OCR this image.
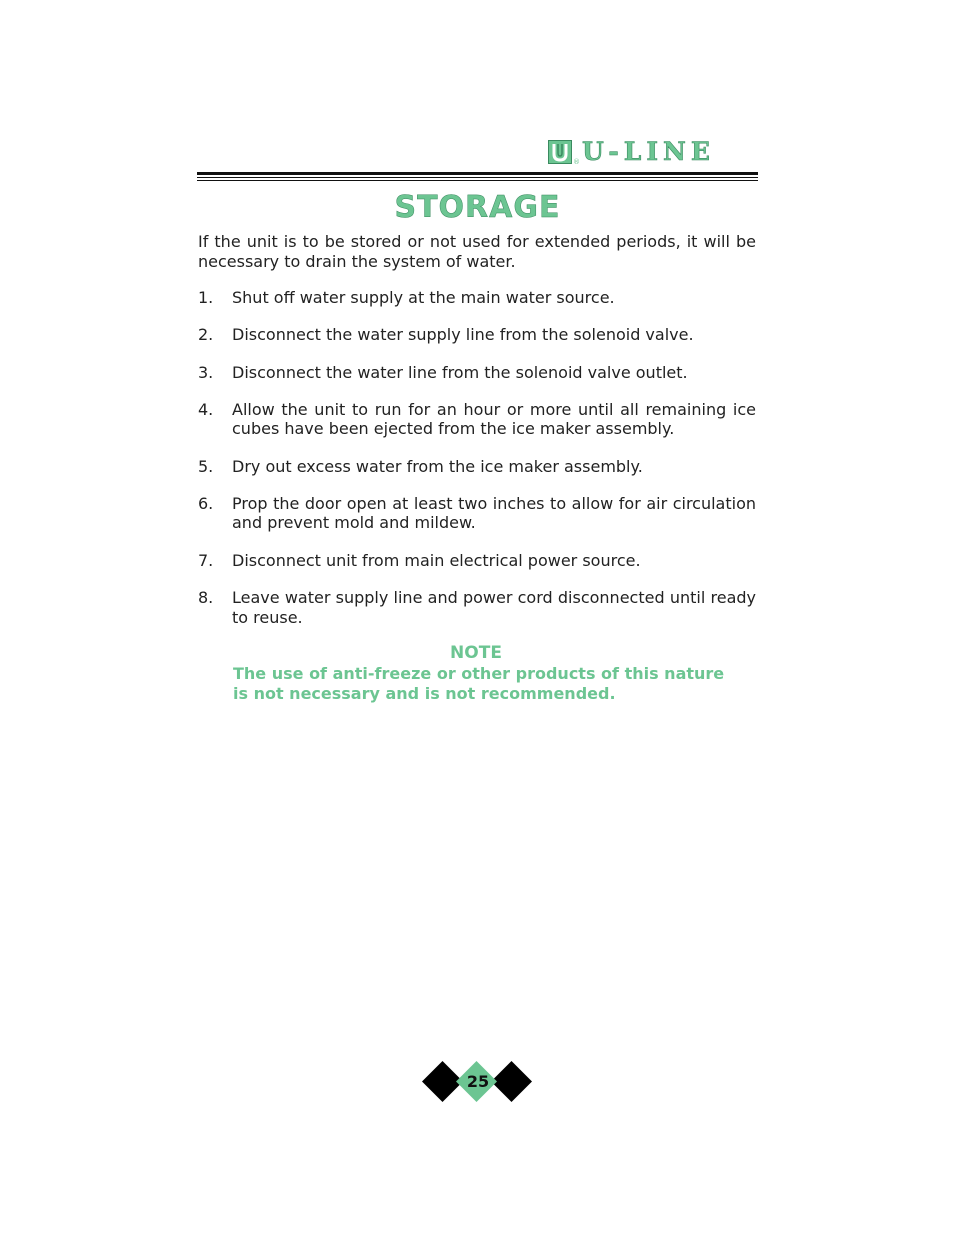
® U-LINE
STORAGE

If the unit is to be stored or not used for extended periods, it will be necessary to drain the system of water.

1.	Shut off water supply at the main water source.
2.	Disconnect the water supply line from the solenoid valve.
3.	Disconnect the water line from the solenoid valve outlet.
4.	Allow the unit to run for an hour or more until all remaining ice cubes have been ejected from the ice maker assembly.
5.	Dry out excess water from the ice maker assembly.
6.	Prop the door open at least two inches to allow for air circulation and prevent mold and mildew.
7.	Disconnect unit from main electrical power source.
8.	Leave water supply line and power cord disconnected until ready to reuse.
NOTE

The use of anti-freeze or other products of this nature is not necessary and is not recommended.

25
